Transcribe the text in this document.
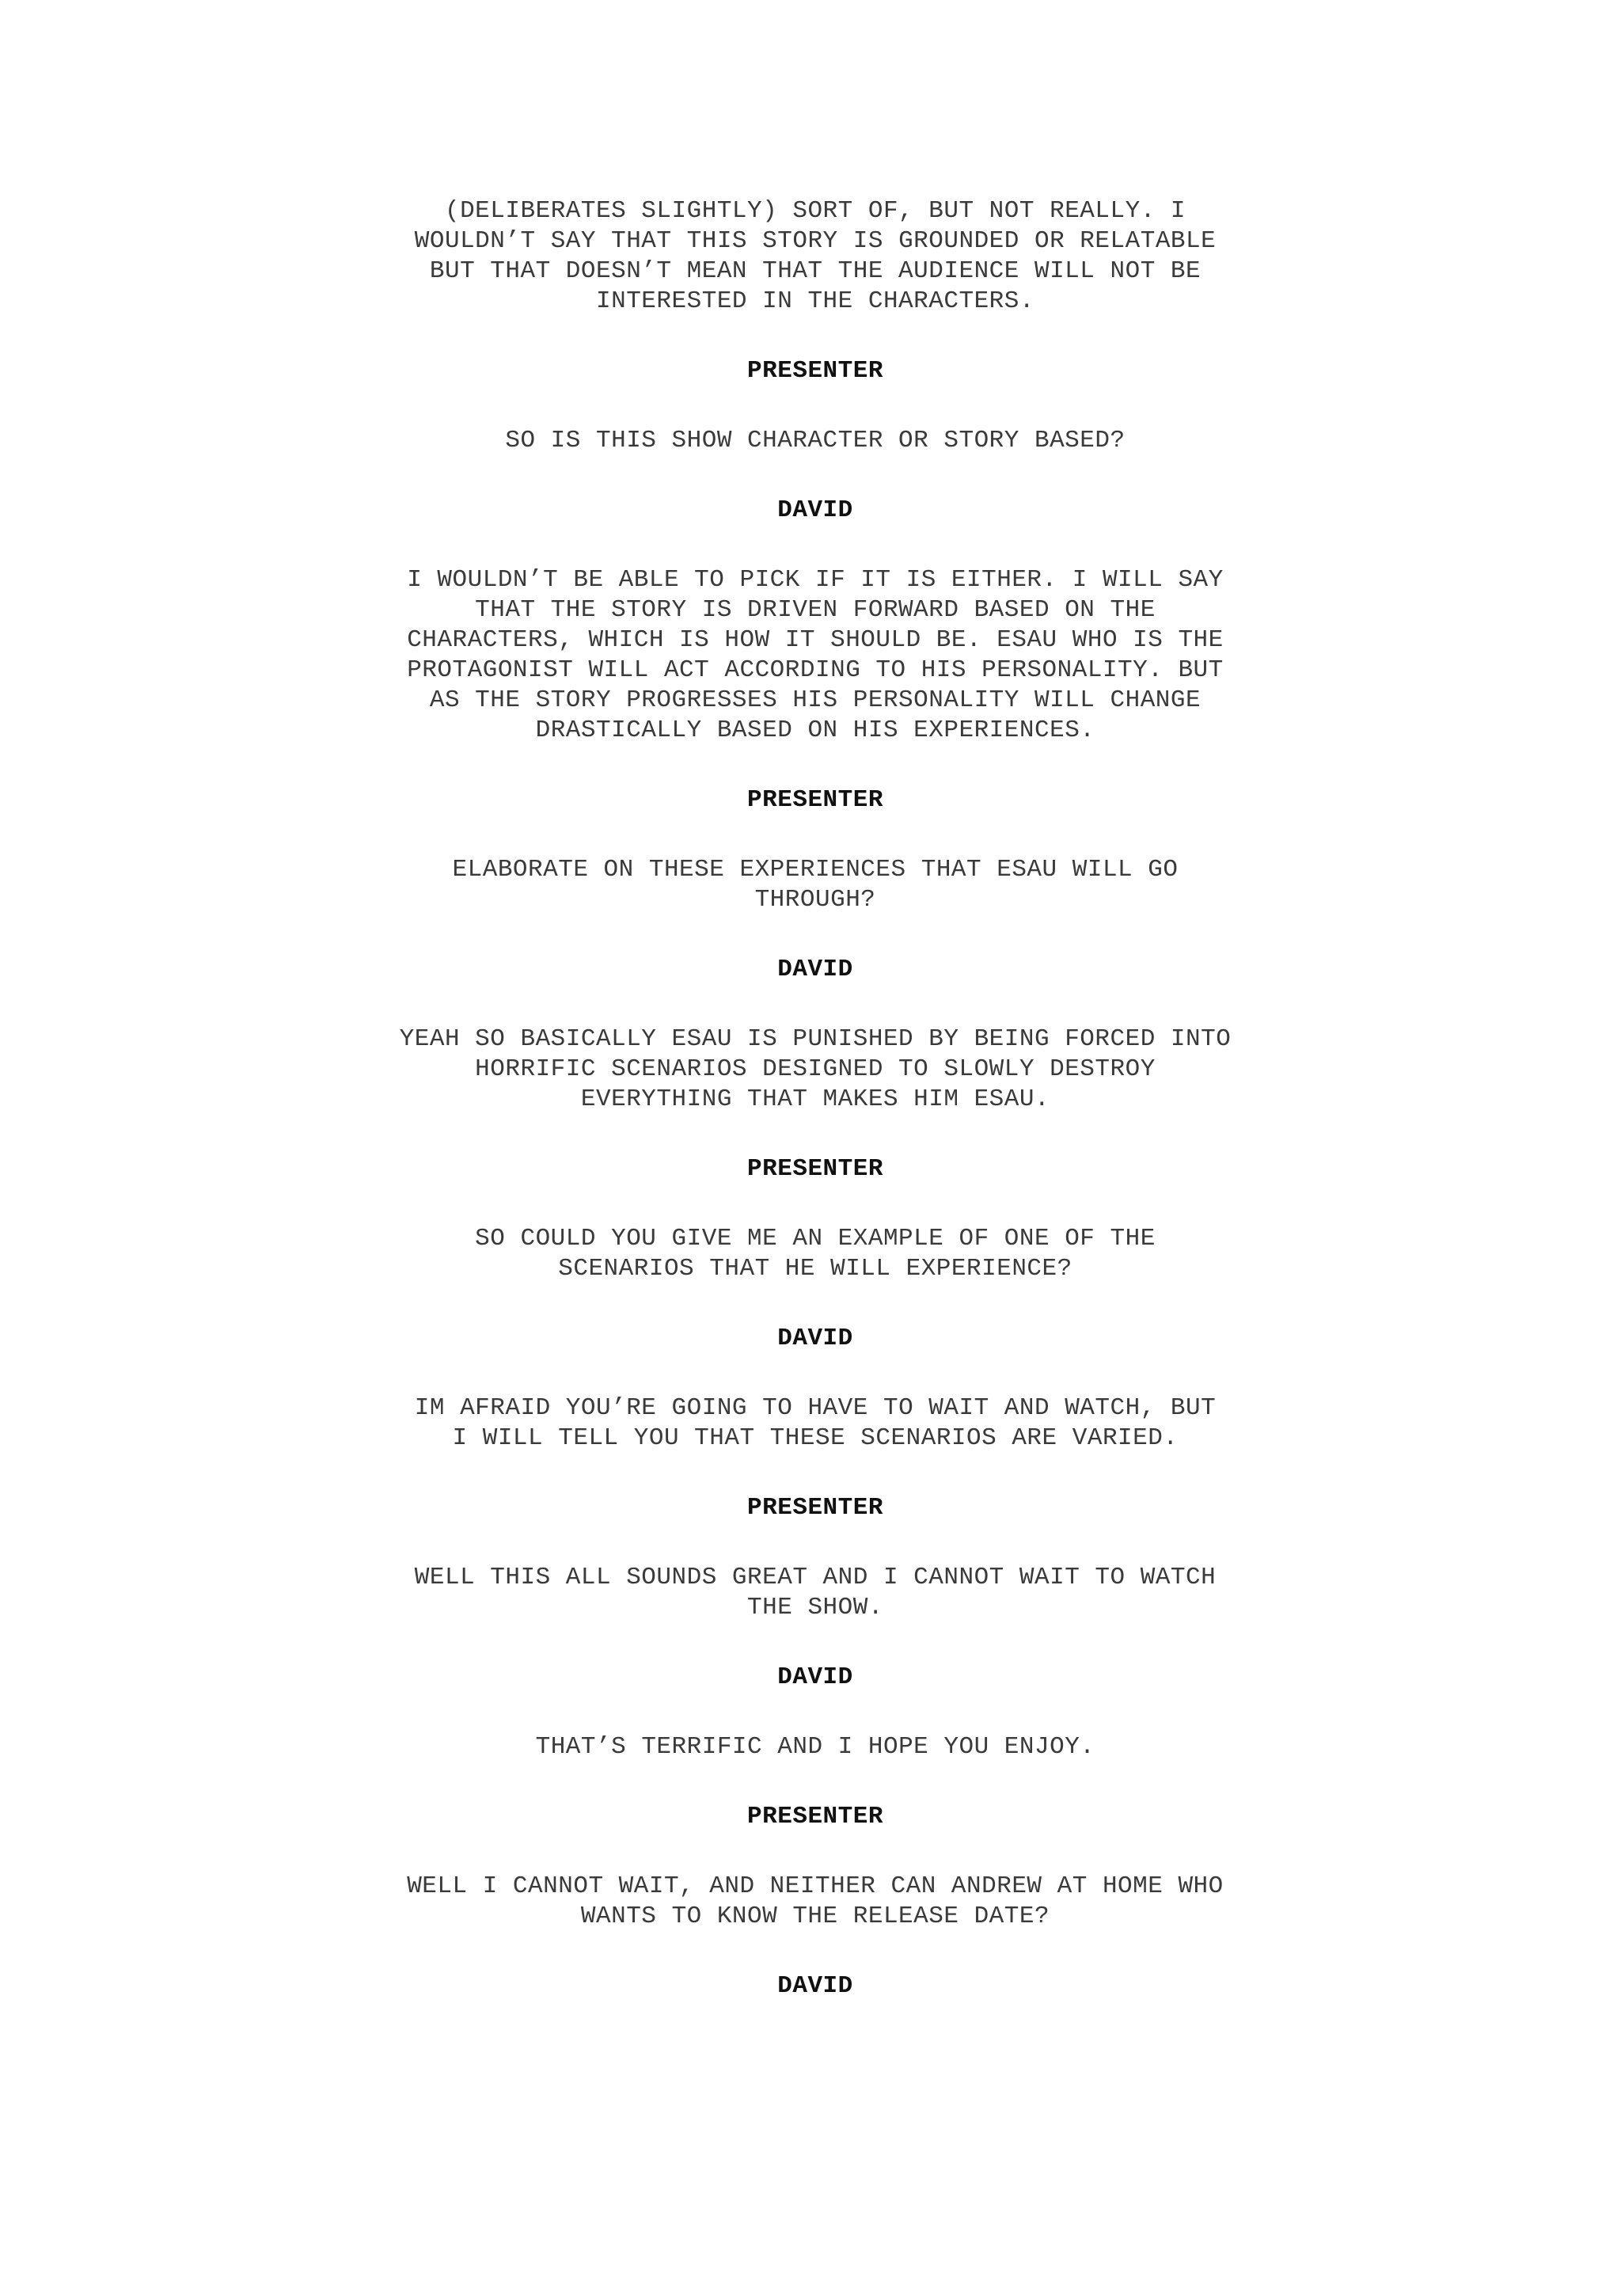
(DELIBERATES SLIGHTLY) SORT OF, BUT NOT REALLY. I WOULDN’T SAY THAT THIS STORY IS GROUNDED OR RELATABLE BUT THAT DOESN’T MEAN THAT THE AUDIENCE WILL NOT BE INTERESTED IN THE CHARACTERS.

PRESENTER

SO IS THIS SHOW CHARACTER OR STORY BASED?

DAVID

I WOULDN’T BE ABLE TO PICK IF IT IS EITHER. I WILL SAY THAT THE STORY IS DRIVEN FORWARD BASED ON THE CHARACTERS, WHICH IS HOW IT SHOULD BE. ESAU WHO IS THE PROTAGONIST WILL ACT ACCORDING TO HIS PERSONALITY. BUT AS THE STORY PROGRESSES HIS PERSONALITY WILL CHANGE DRASTICALLY BASED ON HIS EXPERIENCES.

PRESENTER

ELABORATE ON THESE EXPERIENCES THAT ESAU WILL GO THROUGH?

DAVID

YEAH SO BASICALLY ESAU IS PUNISHED BY BEING FORCED INTO HORRIFIC SCENARIOS DESIGNED TO SLOWLY DESTROY EVERYTHING THAT MAKES HIM ESAU.

PRESENTER

SO COULD YOU GIVE ME AN EXAMPLE OF ONE OF THE SCENARIOS THAT HE WILL EXPERIENCE?

DAVID

IM AFRAID YOU’RE GOING TO HAVE TO WAIT AND WATCH, BUT I WILL TELL YOU THAT THESE SCENARIOS ARE VARIED.

PRESENTER

WELL THIS ALL SOUNDS GREAT AND I CANNOT WAIT TO WATCH THE SHOW.

DAVID

THAT’S TERRIFIC AND I HOPE YOU ENJOY.

PRESENTER

WELL I CANNOT WAIT, AND NEITHER CAN ANDREW AT HOME WHO WANTS TO KNOW THE RELEASE DATE?

DAVID
